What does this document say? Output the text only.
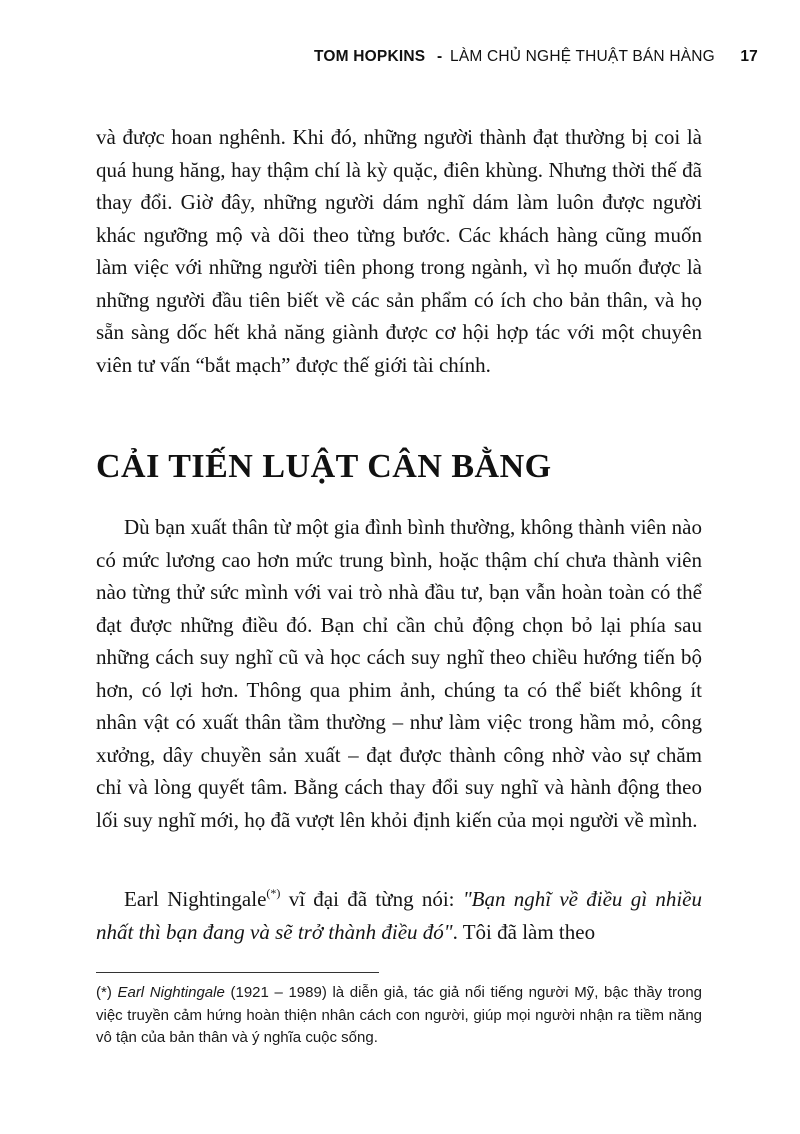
TOM HOPKINS - LÀM CHỦ NGHỆ THUẬT BÁN HÀNG 17

và được hoan nghênh. Khi đó, những người thành đạt thường bị coi là quá hung hăng, hay thậm chí là kỳ quặc, điên khùng. Nhưng thời thế đã thay đổi. Giờ đây, những người dám nghĩ dám làm luôn được người khác ngưỡng mộ và dõi theo từng bước. Các khách hàng cũng muốn làm việc với những người tiên phong trong ngành, vì họ muốn được là những người đầu tiên biết về các sản phẩm có ích cho bản thân, và họ sẵn sàng dốc hết khả năng giành được cơ hội hợp tác với một chuyên viên tư vấn “bắt mạch” được thế giới tài chính.

CẢI TIẾN LUẬT CÂN BẰNG

Dù bạn xuất thân từ một gia đình bình thường, không thành viên nào có mức lương cao hơn mức trung bình, hoặc thậm chí chưa thành viên nào từng thử sức mình với vai trò nhà đầu tư, bạn vẫn hoàn toàn có thể đạt được những điều đó. Bạn chỉ cần chủ động chọn bỏ lại phía sau những cách suy nghĩ cũ và học cách suy nghĩ theo chiều hướng tiến bộ hơn, có lợi hơn. Thông qua phim ảnh, chúng ta có thể biết không ít nhân vật có xuất thân tầm thường – như làm việc trong hầm mỏ, công xưởng, dây chuyền sản xuất – đạt được thành công nhờ vào sự chăm chỉ và lòng quyết tâm. Bằng cách thay đổi suy nghĩ và hành động theo lối suy nghĩ mới, họ đã vượt lên khỏi định kiến của mọi người về mình.

Earl Nightingale(*) vĩ đại đã từng nói: "Bạn nghĩ về điều gì nhiều nhất thì bạn đang và sẽ trở thành điều đó". Tôi đã làm theo

(*) Earl Nightingale (1921 – 1989) là diễn giả, tác giả nổi tiếng người Mỹ, bậc thầy trong việc truyền cảm hứng hoàn thiện nhân cách con người, giúp mọi người nhận ra tiềm năng vô tận của bản thân và ý nghĩa cuộc sống.
